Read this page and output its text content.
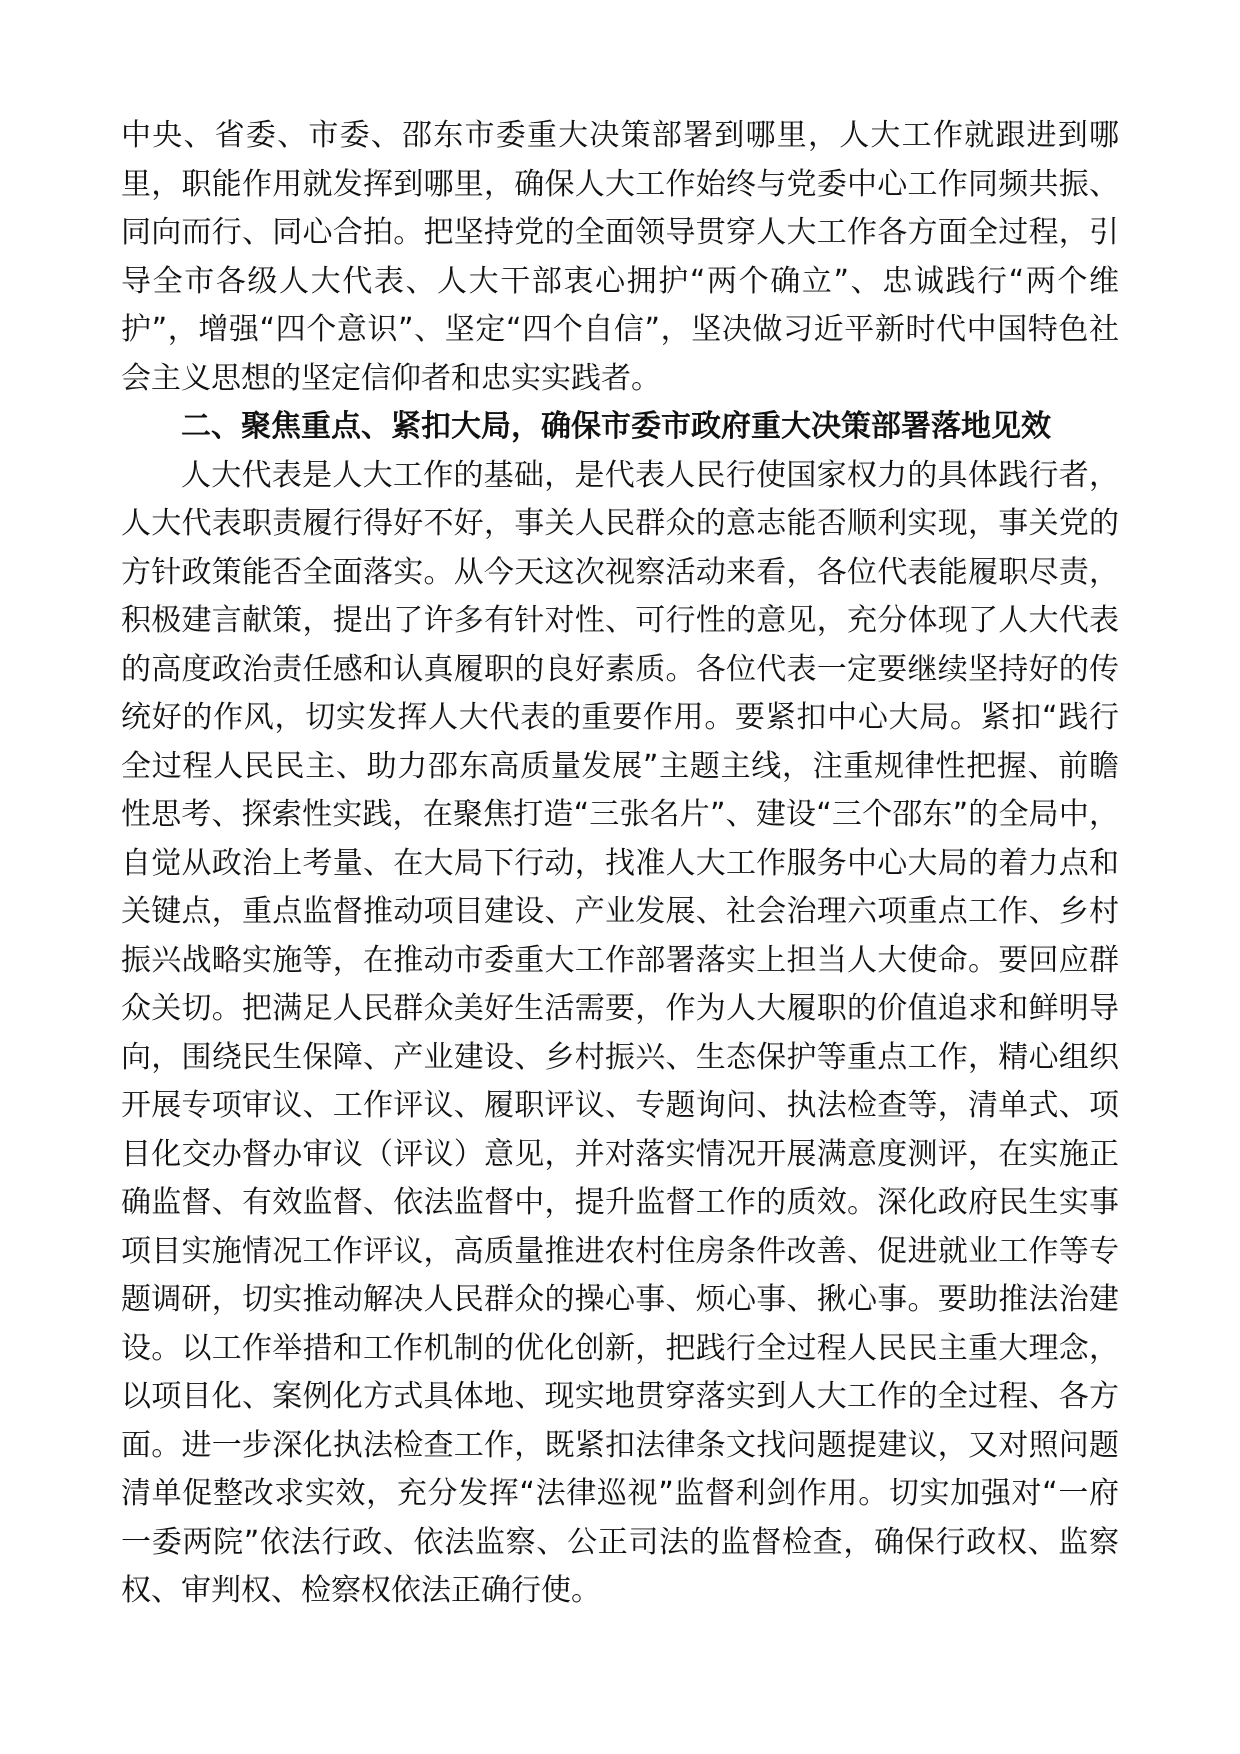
中央、省委、市委、邵东市委重大决策部署到哪里，人大工作就跟进到哪里，职能作用就发挥到哪里，确保人大工作始终与党委中心工作同频共振、同向而行、同心合拍。把坚持党的全面领导贯穿人大工作各方面全过程，引导全市各级人大代表、人大干部衷心拥护“两个确立”、忠诚践行“两个维护”，增强“四个意识”、坚定“四个自信”，坚决做习近平新时代中国特色社会主义思想的坚定信仰者和忠实实践者。

二、聚焦重点、紧扣大局，确保市委市政府重大决策部署落地见效

人大代表是人大工作的基础，是代表人民行使国家权力的具体践行者，人大代表职责履行得好不好，事关人民群众的意志能否顺利实现，事关党的方针政策能否全面落实。从今天这次视察活动来看，各位代表能履职尽责，积极建言献策，提出了许多有针对性、可行性的意见，充分体现了人大代表的高度政治责任感和认真履职的良好素质。各位代表一定要继续坚持好的传统好的作风，切实发挥人大代表的重要作用。要紧扣中心大局。紧扣“践行全过程人民民主、助力邵东高质量发展”主题主线，注重规律性把握、前瞻性思考、探索性实践，在聚焦打造“三张名片”、建设“三个邵东”的全局中，自觉从政治上考量、在大局下行动，找准人大工作服务中心大局的着力点和关键点，重点监督推动项目建设、产业发展、社会治理六项重点工作、乡村振兴战略实施等，在推动市委重大工作部署落实上担当人大使命。要回应群众关切。把满足人民群众美好生活需要，作为人大履职的价值追求和鲜明导向，围绕民生保障、产业建设、乡村振兴、生态保护等重点工作，精心组织开展专项审议、工作评议、履职评议、专题询问、执法检查等，清单式、项目化交办督办审议（评议）意见，并对落实情况开展满意度测评，在实施正确监督、有效监督、依法监督中，提升监督工作的质效。深化政府民生实事项目实施情况工作评议，高质量推进农村住房条件改善、促进就业工作等专题调研，切实推动解决人民群众的操心事、烦心事、揪心事。要助推法治建设。以工作举措和工作机制的优化创新，把践行全过程人民民主重大理念，以项目化、案例化方式具体地、现实地贯穿落实到人大工作的全过程、各方面。进一步深化执法检查工作，既紧扣法律条文找问题提建议，又对照问题清单促整改求实效，充分发挥“法律巡视”监督利剑作用。切实加强对“一府一委两院”依法行政、依法监察、公正司法的监督检查，确保行政权、监察权、审判权、检察权依法正确行使。
